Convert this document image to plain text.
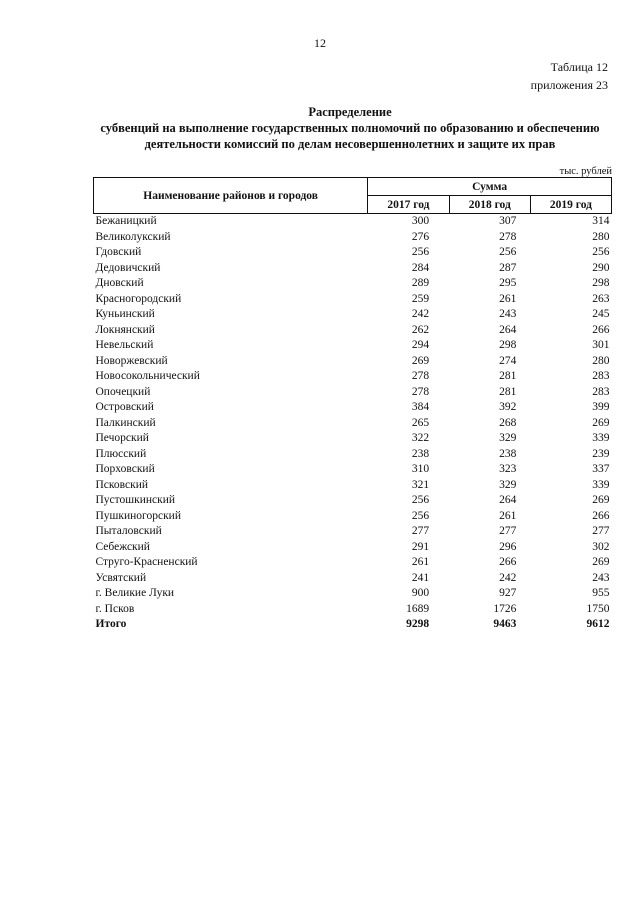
12
Таблица 12
приложения 23
Распределение
субвенций на выполнение государственных полномочий по образованию и обеспечению
деятельности комиссий по делам несовершеннолетних и защите их прав
тыс. рублей
Наименование районов и городов	Сумма		
	2017 год	2018 год	2019 год
Бежаницкий	300	307	314
Великолукский	276	278	280
Гдовский	256	256	256
Дедовичский	284	287	290
Дновский	289	295	298
Красногородский	259	261	263
Куньинский	242	243	245
Локнянский	262	264	266
Невельский	294	298	301
Новоржевский	269	274	280
Новосокольнический	278	281	283
Опочецкий	278	281	283
Островский	384	392	399
Палкинский	265	268	269
Печорский	322	329	339
Плюсский	238	238	239
Порховский	310	323	337
Псковский	321	329	339
Пустошкинский	256	264	269
Пушкиногорский	256	261	266
Пыталовский	277	277	277
Себежский	291	296	302
Струго-Красненский	261	266	269
Усвятский	241	242	243
г. Великие Луки	900	927	955
г. Псков	1689	1726	1750
Итого	9298	9463	9612
